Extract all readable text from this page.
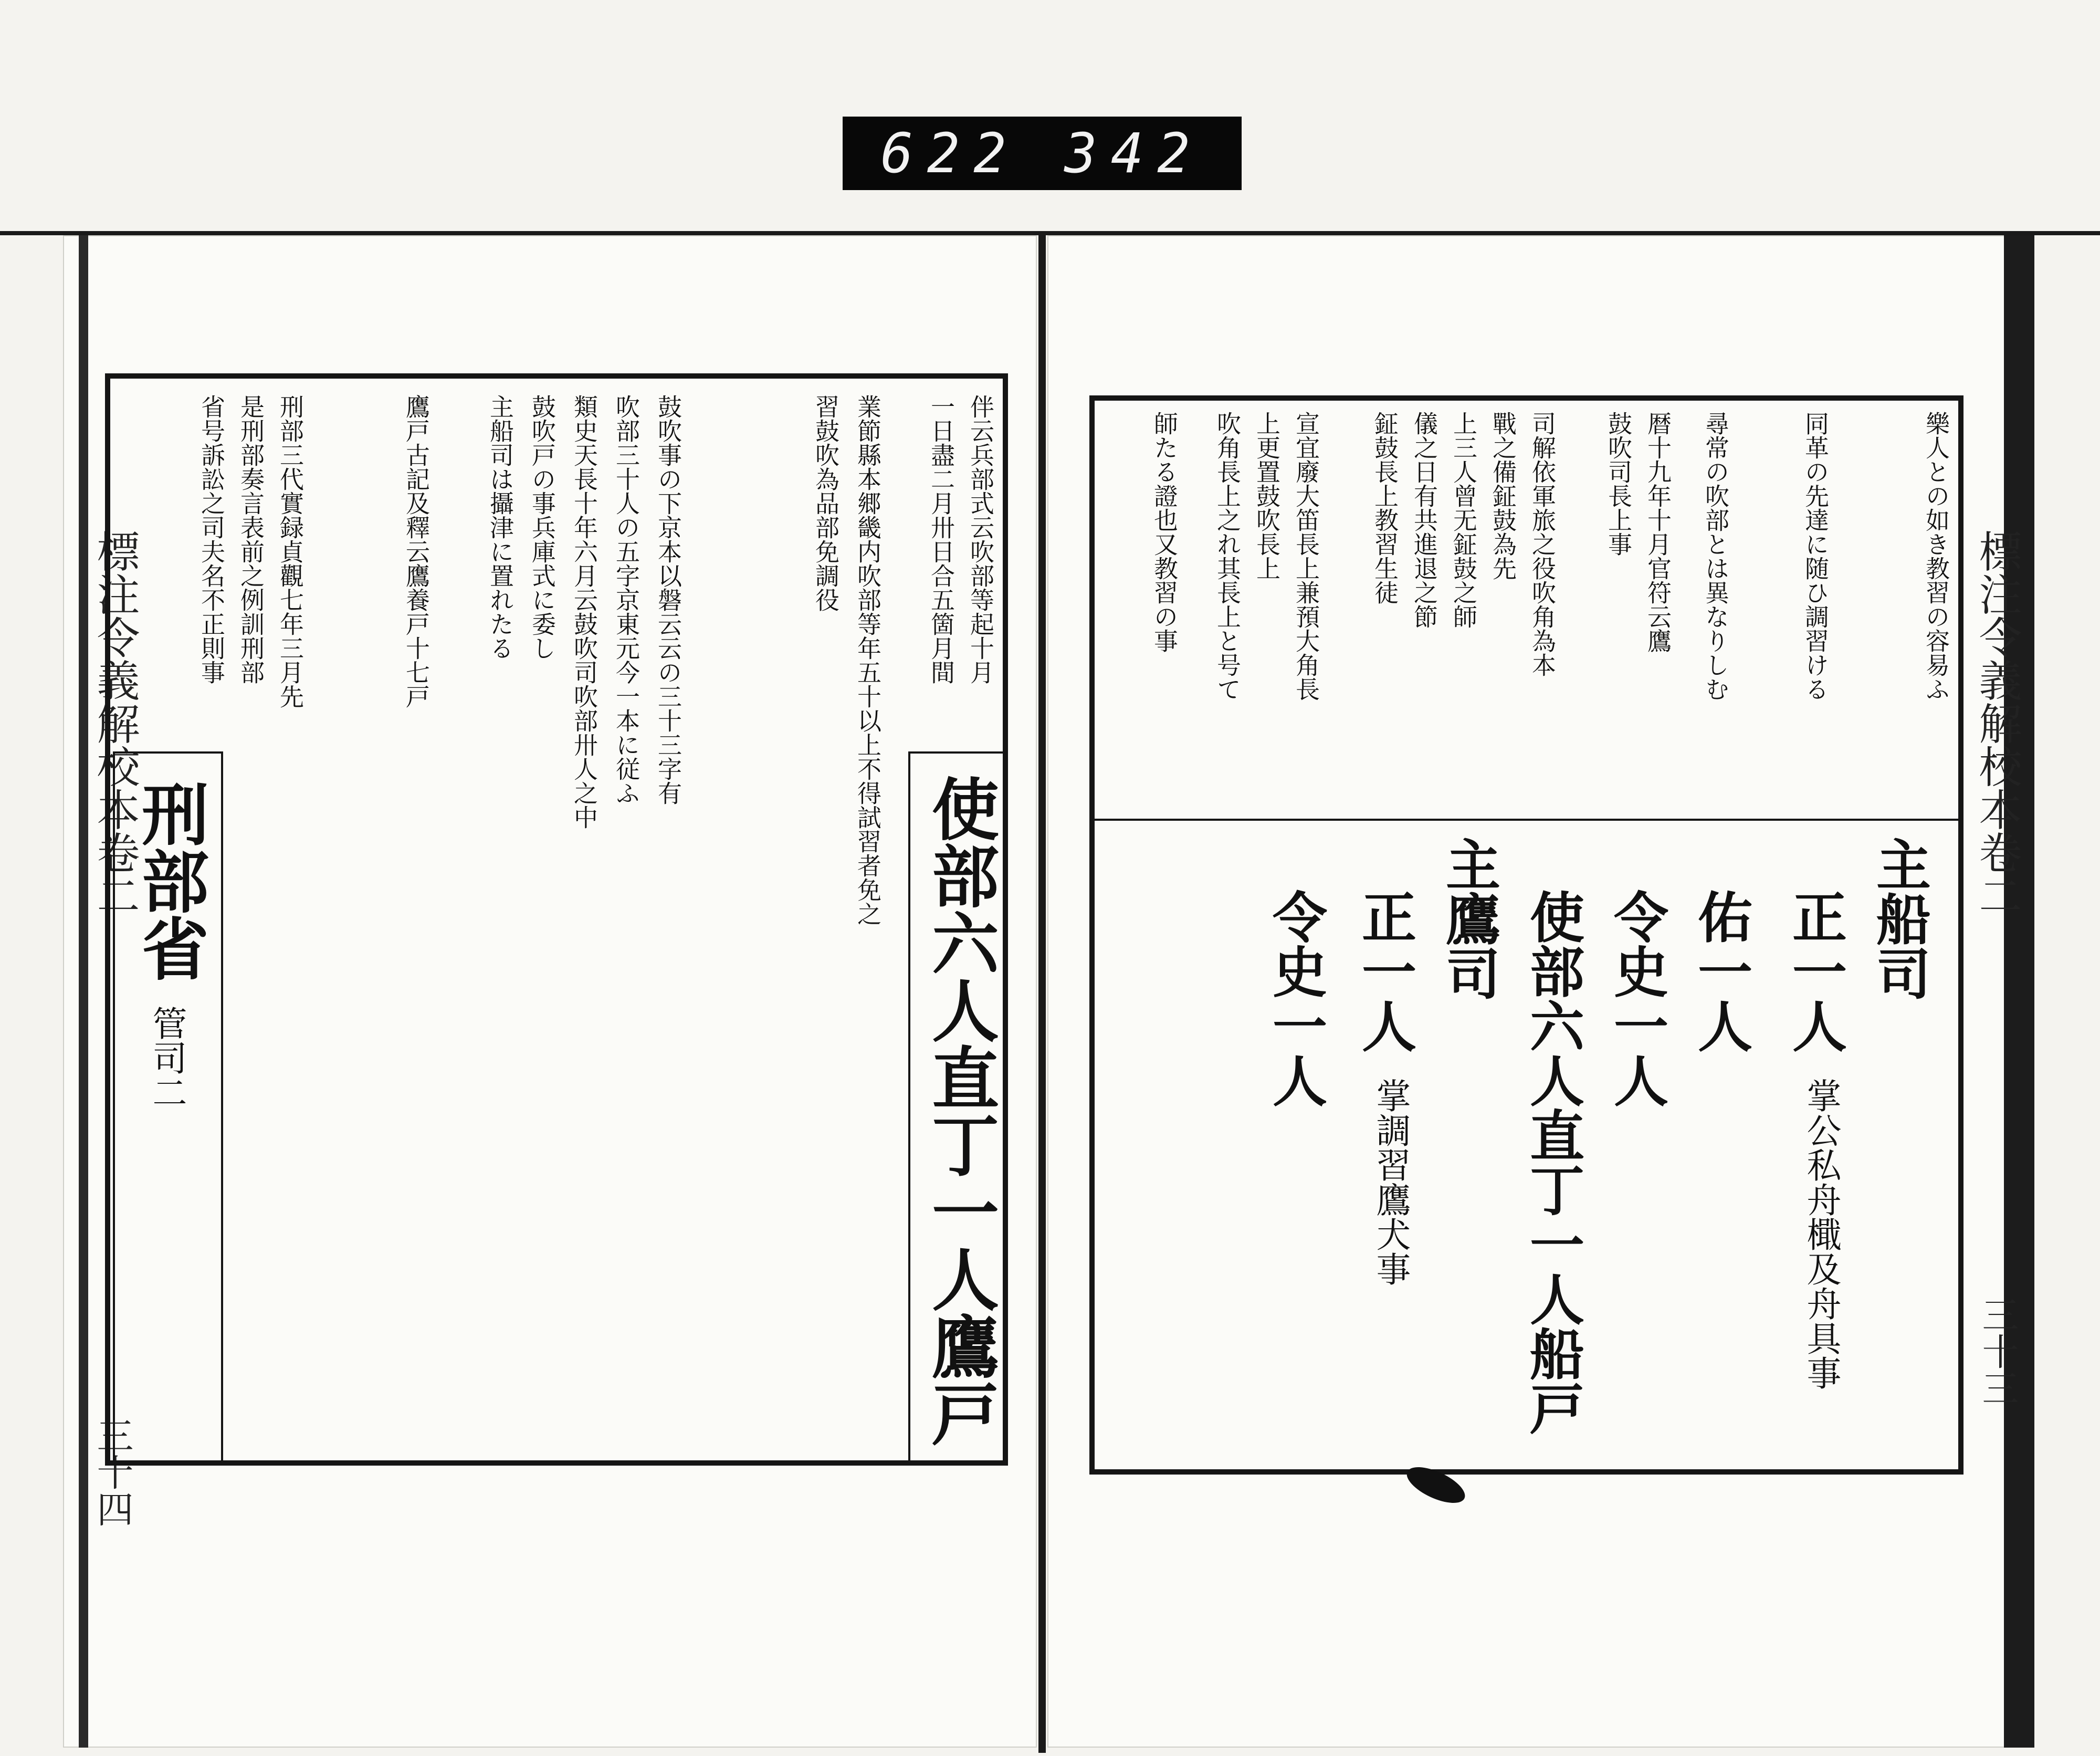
622 342
標注令義解校本卷二
三十四
刑部省
管司二	使部六人直丁一人鷹戸
伴云兵部式云吹部等起十月
一日盡二月卅日合五箇月間
業節縣本郷畿内吹部等年五十以上不得試習者免之
習鼓吹為品部免調役
鼓吹事の下京本以磐云云の三十三字有
吹部三十人の五字京東元今一本に従ふ
類史天長十年六月云鼓吹司吹部卅人之中
鼓吹戸の事兵庫式に委し
主船司は攝津に置れたる
鷹戸古記及釋云鷹養戸十七戸
刑部三代實録貞觀七年三月先
是刑部奏言表前之例訓刑部
省号訴訟之司夫名不正則事	標注令義解校本卷二
三十三
樂人との如き教習の容易ふ
同革の先達に随ひ調習ける
尋常の吹部とは異なりしむ
暦十九年十月官符云鷹
鼓吹司長上事
司解依軍旅之役吹角為本
戰之備鉦鼓為先
上三人曾无鉦鼓之師
儀之日有共進退之節
鉦鼓長上教習生徒
宣宜廢大笛長上兼預大角長
上更置鼓吹長上
吹角長上之れ其長上と号て
師たる證也又教習の事
主船司
正一人
掌公私舟檝及舟具事
佑一人
令史一人
使部六人直丁一人船戸
主鷹司
正一人
掌調習鷹犬事
令史一人
